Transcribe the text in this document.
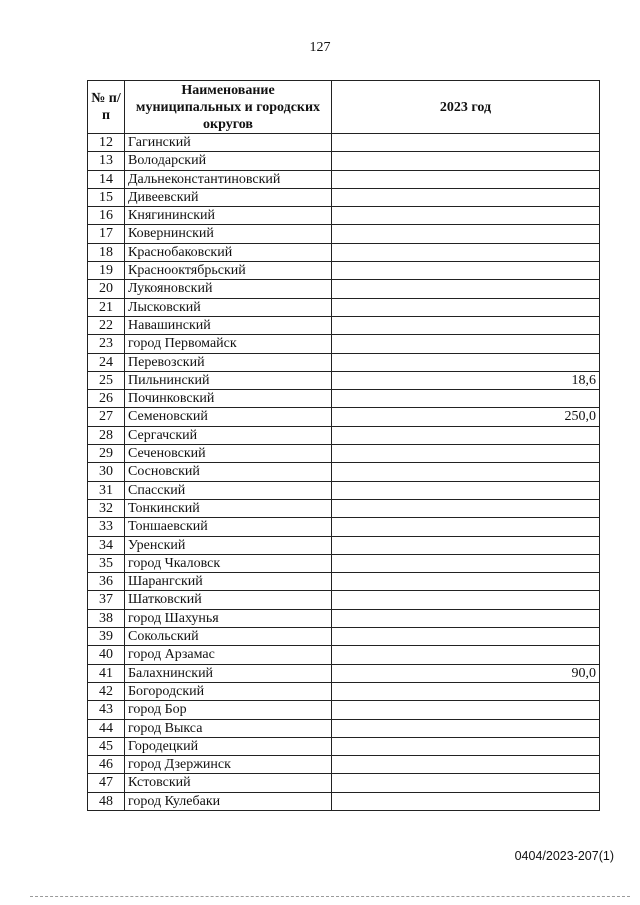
127
№ п/п	Наименование муниципальных и городских округов	2023 год
12	Гагинский	
13	Володарский	
14	Дальнеконстантиновский	
15	Дивеевский	
16	Княгининский	
17	Ковернинский	
18	Краснобаковский	
19	Краснооктябрьский	
20	Лукояновский	
21	Лысковский	
22	Навашинский	
23	город Первомайск	
24	Перевозский	
25	Пильнинский	18,6
26	Починковский	
27	Семеновский	250,0
28	Сергачский	
29	Сеченовский	
30	Сосновский	
31	Спасский	
32	Тонкинский	
33	Тоншаевский	
34	Уренский	
35	город Чкаловск	
36	Шарангский	
37	Шатковский	
38	город Шахунья	
39	Сокольский	
40	город Арзамас	
41	Балахнинский	90,0
42	Богородский	
43	город Бор	
44	город Выкса	
45	Городецкий	
46	город Дзержинск	
47	Кстовский	
48	город Кулебаки	
0404/2023-207(1)
